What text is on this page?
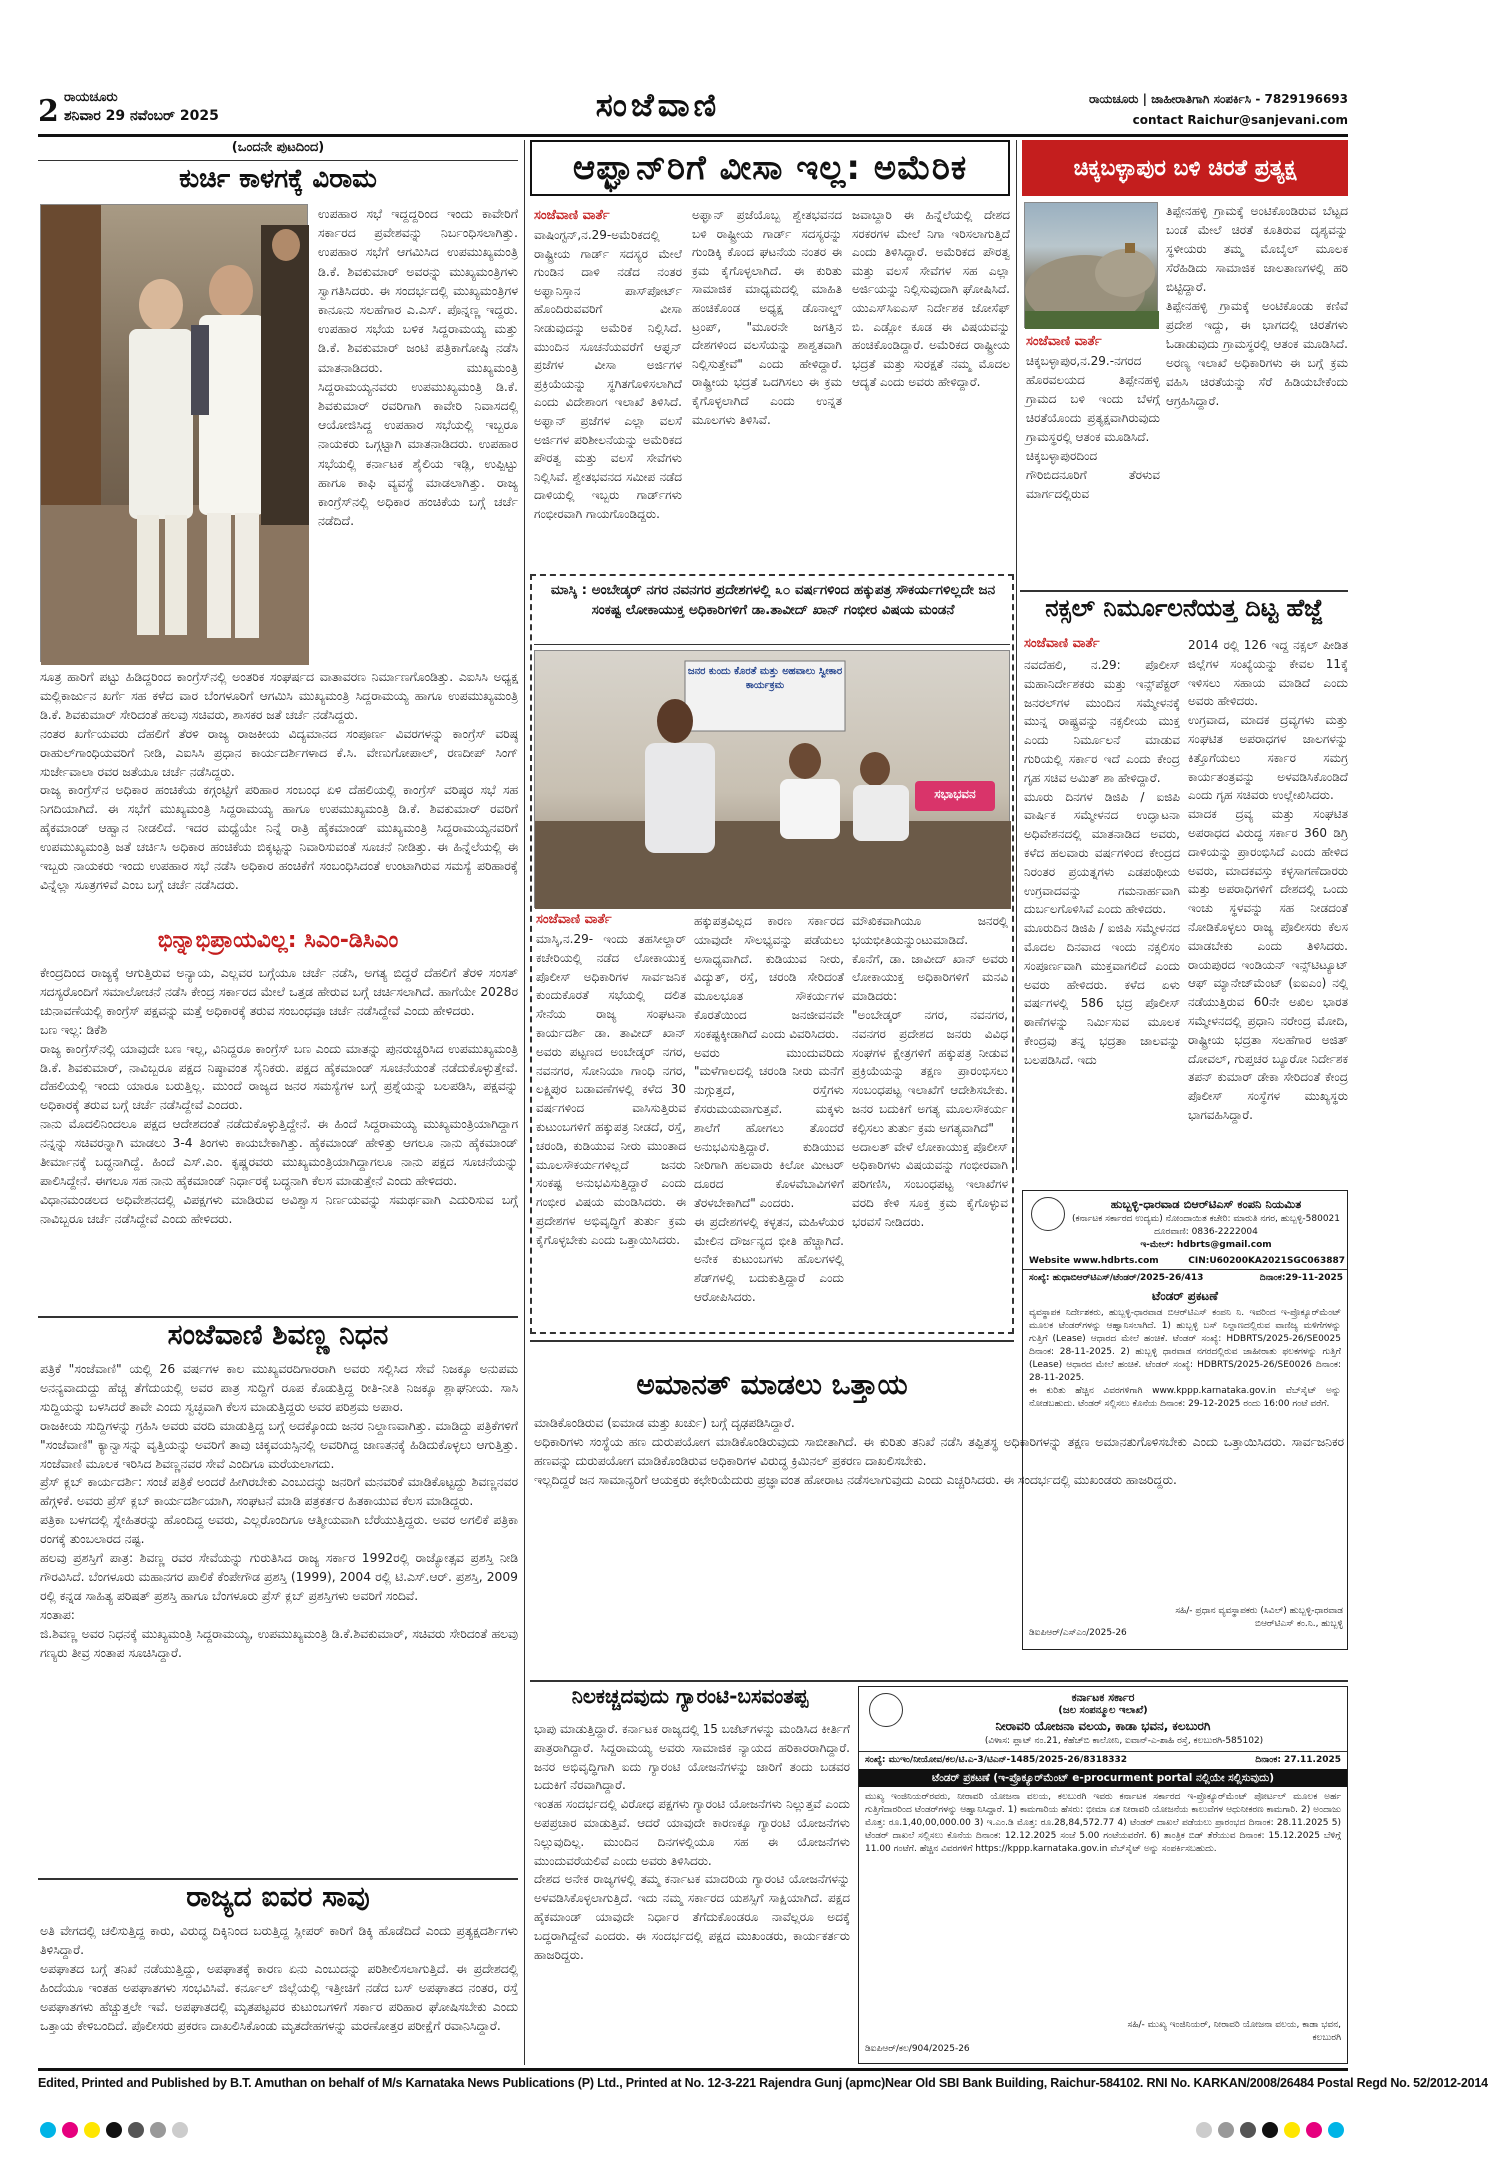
2 ರಾಯಚೂರು
ಶನಿವಾರ 29 ನವೆಂಬರ್ 2025	ಸಂಜೆವಾಣಿ	ರಾಯಚೂರು | ಜಾಹೀರಾತಿಗಾಗಿ ಸಂಪರ್ಕಿಸಿ - 7829196693
contact Raichur@sanjevani.com
(ಒಂದನೇ ಪುಟದಿಂದ)
ಕುರ್ಚಿ ಕಾಳಗಕ್ಕೆ ವಿರಾಮ
ಉಪಹಾರ ಸಭೆ ಇದ್ದದ್ದರಿಂದ ಇಂದು ಕಾವೇರಿಗೆ ಸರ್ಕಾರದ ಪ್ರವೇಶವನ್ನು ನಿರ್ಬಂಧಿಸಲಾಗಿತ್ತು. ಉಪಹಾರ ಸಭೆಗೆ ಆಗಮಿಸಿದ ಉಪಮುಖ್ಯಮಂತ್ರಿ ಡಿ.ಕೆ. ಶಿವಕುಮಾರ್ ಅವರನ್ನು ಮುಖ್ಯಮಂತ್ರಿಗಳು ಸ್ವಾಗತಿಸಿದರು. ಈ ಸಂದರ್ಭದಲ್ಲಿ ಮುಖ್ಯಮಂತ್ರಿಗಳ ಕಾನೂನು ಸಲಹೆಗಾರ ಎ.ಎಸ್. ಪೊನ್ನಣ್ಣ ಇದ್ದರು. ಉಪಹಾರ ಸಭೆಯ ಬಳಿಕ ಸಿದ್ದರಾಮಯ್ಯ ಮತ್ತು ಡಿ.ಕೆ. ಶಿವಕುಮಾರ್ ಜಂಟಿ ಪತ್ರಿಕಾಗೋಷ್ಠಿ ನಡೆಸಿ ಮಾತನಾಡಿದರು. ಮುಖ್ಯಮಂತ್ರಿ ಸಿದ್ದರಾಮಯ್ಯನವರು ಉಪಮುಖ್ಯಮಂತ್ರಿ ಡಿ.ಕೆ. ಶಿವಕುಮಾರ್ ರವರಿಗಾಗಿ ಕಾವೇರಿ ನಿವಾಸದಲ್ಲಿ ಆಯೋಜಿಸಿದ್ದ ಉಪಹಾರ ಸಭೆಯಲ್ಲಿ ಇಬ್ಬರೂ ನಾಯಕರು ಒಗ್ಗಟ್ಟಾಗಿ ಮಾತನಾಡಿದರು. ಉಪಹಾರ ಸಭೆಯಲ್ಲಿ ಕರ್ನಾಟಕ ಶೈಲಿಯ ಇಡ್ಲಿ, ಉಪ್ಪಿಟ್ಟು ಹಾಗೂ ಕಾಫಿ ವ್ಯವಸ್ಥೆ ಮಾಡಲಾಗಿತ್ತು. ರಾಜ್ಯ ಕಾಂಗ್ರೆಸ್‌ನಲ್ಲಿ ಅಧಿಕಾರ ಹಂಚಿಕೆಯ ಬಗ್ಗೆ ಚರ್ಚೆ ನಡೆದಿದೆ.
ಸೂತ್ರ ಹಾರಿಗೆ ಪಟ್ಟು ಹಿಡಿದ್ದರಿಂದ ಕಾಂಗ್ರೆಸ್‌ನಲ್ಲಿ ಅಂತರಿಕ ಸಂಘರ್ಷದ ವಾತಾವರಣ ನಿರ್ಮಾಣಗೊಂಡಿತ್ತು. ಎಐಸಿಸಿ ಅಧ್ಯಕ್ಷ ಮಲ್ಲಿಕಾರ್ಜುನ ಖರ್ಗೆ ಸಹ ಕಳೆದ ವಾರ ಬೆಂಗಳೂರಿಗೆ ಆಗಮಿಸಿ ಮುಖ್ಯಮಂತ್ರಿ ಸಿದ್ದರಾಮಯ್ಯ ಹಾಗೂ ಉಪಮುಖ್ಯಮಂತ್ರಿ ಡಿ.ಕೆ. ಶಿವಕುಮಾರ್ ಸೇರಿದಂತೆ ಹಲವು ಸಚಿವರು, ಶಾಸಕರ ಜತೆ ಚರ್ಚೆ ನಡೆಸಿದ್ದರು.
ನಂತರ ಖರ್ಗೆಯವರು ದೆಹಲಿಗೆ ತೆರಳಿ ರಾಜ್ಯ ರಾಜಕೀಯ ವಿದ್ಯಮಾನದ ಸಂಪೂರ್ಣ ವಿವರಗಳನ್ನು ಕಾಂಗ್ರೆಸ್ ವರಿಷ್ಠ ರಾಹುಲ್‌ಗಾಂಧಿಯವರಿಗೆ ನೀಡಿ, ಎಐಸಿಸಿ ಪ್ರಧಾನ ಕಾರ್ಯದರ್ಶಿಗಳಾದ ಕೆ.ಸಿ. ವೇಣುಗೋಪಾಲ್, ರಣದೀಪ್ ಸಿಂಗ್ ಸುರ್ಜೇವಾಲಾ ರವರ ಜತೆಯೂ ಚರ್ಚೆ ನಡೆಸಿದ್ದರು.
ರಾಜ್ಯ ಕಾಂಗ್ರೆಸ್‌ನ ಅಧಿಕಾರ ಹಂಚಿಕೆಯ ಕಗ್ಗಂಟ್ಟಿಗೆ ಪರಿಹಾರ ಸಂಬಂಧ ಏಳಿ ದೆಹಲಿಯಲ್ಲಿ ಕಾಂಗ್ರೆಸ್ ವರಿಷ್ಠರ ಸಭೆ ಸಹ ನಿಗದಿಯಾಗಿದೆ. ಈ ಸಭೆಗೆ ಮುಖ್ಯಮಂತ್ರಿ ಸಿದ್ದರಾಮಯ್ಯ ಹಾಗೂ ಉಪಮುಖ್ಯಮಂತ್ರಿ ಡಿ.ಕೆ. ಶಿವಕುಮಾರ್ ರವರಿಗೆ ಹೈಕಮಾಂಡ್ ಆಹ್ವಾನ ನೀಡಲಿದೆ. ಇದರ ಮಧ್ಯೆಯೇ ನಿನ್ನೆ ರಾತ್ರಿ ಹೈಕಮಾಂಡ್ ಮುಖ್ಯಮಂತ್ರಿ ಸಿದ್ದರಾಮಯ್ಯನವರಿಗೆ ಉಪಮುಖ್ಯಮಂತ್ರಿ ಜತೆ ಚರ್ಚಿಸಿ ಅಧಿಕಾರ ಹಂಚಿಕೆಯ ಬಿಕ್ಕಟ್ಟನ್ನು ನಿವಾರಿಸುವಂತೆ ಸೂಚನೆ ನೀಡಿತ್ತು. ಈ ಹಿನ್ನೆಲೆಯಲ್ಲಿ ಈ ಇಬ್ಬರು ನಾಯಕರು ಇಂದು ಉಪಹಾರ ಸಭೆ ನಡೆಸಿ ಅಧಿಕಾರ ಹಂಚಿಕೆಗೆ ಸಂಬಂಧಿಸಿದಂತೆ ಉಂಟಾಗಿರುವ ಸಮಸ್ಯೆ ಪರಿಹಾರಕ್ಕೆ ವಿನ್ನೆಲ್ಲಾ ಸೂತ್ರಗಳಿವೆ ಎಂಬ ಬಗ್ಗೆ ಚರ್ಚೆ ನಡೆಸಿದರು.
ಭಿನ್ನಾಭಿಪ್ರಾಯವಿಲ್ಲ: ಸಿಎಂ-ಡಿಸಿಎಂ
ಕೇಂದ್ರದಿಂದ ರಾಜ್ಯಕ್ಕೆ ಆಗುತ್ತಿರುವ ಅನ್ಯಾಯ, ಎಲ್ಲವರ ಬಗ್ಗೆಯೂ ಚರ್ಚೆ ನಡೆಸಿ, ಅಗತ್ಯ ಬಿದ್ದರೆ ದೆಹಲಿಗೆ ತೆರಳಿ ಸಂಸತ್ ಸದಸ್ಯರೊಂದಿಗೆ ಸಮಾಲೋಚನೆ ನಡೆಸಿ ಕೇಂದ್ರ ಸರ್ಕಾರದ ಮೇಲೆ ಒತ್ತಡ ಹೇರುವ ಬಗ್ಗೆ ಚರ್ಚಿಸಲಾಗಿದೆ. ಹಾಗೆಯೇ 2028ರ ಚುನಾವಣೆಯಲ್ಲಿ ಕಾಂಗ್ರೆಸ್ ಪಕ್ಷವನ್ನು ಮತ್ತೆ ಅಧಿಕಾರಕ್ಕೆ ತರುವ ಸಂಬಂಧವೂ ಚರ್ಚೆ ನಡೆಸಿದ್ದೇವೆ ಎಂದು ಹೇಳಿದರು.
ಬಣ ಇಲ್ಲ: ಡಿಕೆಶಿ
ರಾಜ್ಯ ಕಾಂಗ್ರೆಸ್‌ನಲ್ಲಿ ಯಾವುದೇ ಬಣ ಇಲ್ಲ, ವಿನಿದ್ದರೂ ಕಾಂಗ್ರೆಸ್ ಬಣ ಎಂದು ಮಾತನ್ನು ಪುನರುಚ್ಚರಿಸಿದ ಉಪಮುಖ್ಯಮಂತ್ರಿ ಡಿ.ಕೆ. ಶಿವಕುಮಾರ್, ನಾವಿಬ್ಬರೂ ಪಕ್ಷದ ನಿಷ್ಠಾವಂತ ಸೈನಿಕರು. ಪಕ್ಷದ ಹೈಕಮಾಂಡ್ ಸೂಚನೆಯಂತೆ ನಡೆದುಕೊಳ್ಳುತ್ತೇವೆ. ದೆಹಲಿಯಲ್ಲಿ ಇಂದು ಯಾರೂ ಬರುತ್ತಿಲ್ಲ. ಮುಂದೆ ರಾಜ್ಯದ ಜನರ ಸಮಸ್ಯೆಗಳ ಬಗ್ಗೆ ಪ್ರಶ್ನೆಯನ್ನು ಬಲಪಡಿಸಿ, ಪಕ್ಷವನ್ನು ಅಧಿಕಾರಕ್ಕೆ ತರುವ ಬಗ್ಗೆ ಚರ್ಚೆ ನಡೆಸಿದ್ದೇವೆ ಎಂದರು.
ನಾನು ಮೊದಲಿನಿಂದಲೂ ಪಕ್ಷದ ಆದೇಶದಂತೆ ನಡೆದುಕೊಳ್ಳುತ್ತಿದ್ದೇನೆ. ಈ ಹಿಂದೆ ಸಿದ್ದರಾಮಯ್ಯ ಮುಖ್ಯಮಂತ್ರಿಯಾಗಿದ್ದಾಗ ನನ್ನನ್ನು ಸಚಿವರನ್ನಾಗಿ ಮಾಡಲು 3-4 ತಿಂಗಳು ಕಾಯಬೇಕಾಗಿತ್ತು. ಹೈಕಮಾಂಡ್ ಹೇಳಿತ್ತು ಆಗಲೂ ನಾನು ಹೈಕಮಾಂಡ್ ತೀರ್ಮಾನಕ್ಕೆ ಬದ್ಧನಾಗಿದ್ದೆ. ಹಿಂದೆ ಎಸ್.ಎಂ. ಕೃಷ್ಣರವರು ಮುಖ್ಯಮಂತ್ರಿಯಾಗಿದ್ದಾಗಲೂ ನಾನು ಪಕ್ಷದ ಸೂಚನೆಯನ್ನು ಪಾಲಿಸಿದ್ದೇನೆ. ಈಗಲೂ ಸಹ ನಾನು ಹೈಕಮಾಂಡ್ ನಿರ್ಧಾರಕ್ಕೆ ಬದ್ಧನಾಗಿ ಕೆಲಸ ಮಾಡುತ್ತೇನೆ ಎಂದು ಹೇಳಿದರು.
ವಿಧಾನಮಂಡಲದ ಅಧಿವೇಶನದಲ್ಲಿ ವಿಪಕ್ಷಗಳು ಮಾಡಿರುವ ಅವಿಶ್ವಾಸ ನಿರ್ಣಯವನ್ನು ಸಮರ್ಥವಾಗಿ ಎದುರಿಸುವ ಬಗ್ಗೆ ನಾವಿಬ್ಬರೂ ಚರ್ಚೆ ನಡೆಸಿದ್ದೇವೆ ಎಂದು ಹೇಳಿದರು.
ಸಂಜೆವಾಣಿ ಶಿವಣ್ಣ ನಿಧನ
ಪತ್ರಿಕೆ "ಸಂಜೆವಾಣಿ" ಯಲ್ಲಿ 26 ವರ್ಷಗಳ ಕಾಲ ಮುಖ್ಯವರದಿಗಾರರಾಗಿ ಅವರು ಸಲ್ಲಿಸಿದ ಸೇವೆ ನಿಜಕ್ಕೂ ಅನುಪಮ ಅನನ್ಯವಾದುದ್ದು ಹೆಚ್ಚ ತೆಗೆದುಯಲ್ಲಿ ಅವರ ಪಾತ್ರ ಸುದ್ದಿಗೆ ರೂಪ ಕೊಡುತ್ತಿದ್ದ ರೀತಿ-ನೀತಿ ನಿಜಕ್ಕೂ ಶ್ಲಾಘನೀಯ. ಸಾಸಿ ಸುದ್ದಿಯನ್ನು ಬಳಸಿದರೆ ತಾವೇ ಎಂದು ಸ್ವಚ್ಛವಾಗಿ ಕೆಲಸ ಮಾಡುತ್ತಿದ್ದರು ಅವರ ಪರಿಶ್ರಮ ಅಪಾರ.
ರಾಜಕೀಯ ಸುದ್ದಿಗಳನ್ನು ಗ್ರಹಿಸಿ ಅವರು ವರದಿ ಮಾಡುತ್ತಿದ್ದ ಬಗ್ಗೆ ಅದಕ್ಕೊಂದು ಜನರ ನಿಲ್ದಾಣವಾಗಿತ್ತು. ಮಾಡಿದ್ದು ಪತ್ರಿಕೆಗಳಿಗೆ "ಸಂಜೆವಾಣಿ" ಕ್ಯಾನ್ವಾಸನ್ನು ವೃತ್ತಿಯನ್ನು ಅವರಿಗೆ ತಾವು ಚಿಕ್ಕವಯಸ್ಸಿನಲ್ಲಿ ಅವರಿಗಿದ್ದ ಜಾಣತನಕ್ಕೆ ಹಿಡಿದುಕೊಳ್ಳಲು ಆಗುತ್ತಿತ್ತು. ಸಂಜೆವಾಣಿ ಮೂಲಕ ಇರಿಸಿದ ಶಿವಣ್ಣನವರ ಸೇವೆ ಎಂದಿಗೂ ಮರೆಯಲಾಗದು.
ಪ್ರೆಸ್ ಕ್ಲಬ್ ಕಾರ್ಯದರ್ಶಿ: ಸಂಜೆ ಪತ್ರಿಕೆ ಅಂದರೆ ಹೀಗಿರಬೇಕು ಎಂಬುದನ್ನು ಜನರಿಗೆ ಮನವರಿಕೆ ಮಾಡಿಕೊಟ್ಟದ್ದು ಶಿವಣ್ಣನವರ ಹೆಗ್ಗಳಿಕೆ. ಅವರು ಪ್ರೆಸ್ ಕ್ಲಬ್ ಕಾರ್ಯದರ್ಶಿಯಾಗಿ, ಸಂಘಟನೆ ಮಾಡಿ ಪತ್ರಕರ್ತರ ಹಿತಕಾಯುವ ಕೆಲಸ ಮಾಡಿದ್ದರು.
ಪತ್ರಿಕಾ ಬಳಗದಲ್ಲಿ ಸ್ನೇಹಿತರನ್ನು ಹೊಂದಿದ್ದ ಅವರು, ಎಲ್ಲರೊಂದಿಗೂ ಆತ್ಮೀಯವಾಗಿ ಬೆರೆಯುತ್ತಿದ್ದರು. ಅವರ ಅಗಲಿಕೆ ಪತ್ರಿಕಾ ರಂಗಕ್ಕೆ ತುಂಬಲಾರದ ನಷ್ಟ.
ಹಲವು ಪ್ರಶಸ್ತಿಗೆ ಪಾತ್ರ: ಶಿವಣ್ಣ ರವರ ಸೇವೆಯನ್ನು ಗುರುತಿಸಿದ ರಾಜ್ಯ ಸರ್ಕಾರ 1992ರಲ್ಲಿ ರಾಜ್ಯೋತ್ಸವ ಪ್ರಶಸ್ತಿ ನೀಡಿ ಗೌರವಿಸಿದೆ. ಬೆಂಗಳೂರು ಮಹಾನಗರ ಪಾಲಿಕೆ ಕೆಂಪೇಗೌಡ ಪ್ರಶಸ್ತಿ (1999), 2004 ರಲ್ಲಿ ಟಿ.ಎಸ್.ಆರ್. ಪ್ರಶಸ್ತಿ, 2009 ರಲ್ಲಿ ಕನ್ನಡ ಸಾಹಿತ್ಯ ಪರಿಷತ್ ಪ್ರಶಸ್ತಿ ಹಾಗೂ ಬೆಂಗಳೂರು ಪ್ರೆಸ್ ಕ್ಲಬ್ ಪ್ರಶಸ್ತಿಗಳು ಅವರಿಗೆ ಸಂದಿವೆ.
ಸಂತಾಪ:
ಜಿ.ಶಿವಣ್ಣ ಅವರ ನಿಧನಕ್ಕೆ ಮುಖ್ಯಮಂತ್ರಿ ಸಿದ್ದರಾಮಯ್ಯ, ಉಪಮುಖ್ಯಮಂತ್ರಿ ಡಿ.ಕೆ.ಶಿವಕುಮಾರ್, ಸಚಿವರು ಸೇರಿದಂತೆ ಹಲವು ಗಣ್ಯರು ತೀವ್ರ ಸಂತಾಪ ಸೂಚಿಸಿದ್ದಾರೆ.
ರಾಜ್ಯದ ಐವರ ಸಾವು
ಅತಿ ವೇಗದಲ್ಲಿ ಚಲಿಸುತ್ತಿದ್ದ ಕಾರು, ವಿರುದ್ಧ ದಿಕ್ಕಿನಿಂದ ಬರುತ್ತಿದ್ದ ಸ್ಲೀಪರ್ ಕಾರಿಗೆ ಡಿಕ್ಕಿ ಹೊಡೆದಿದೆ ಎಂದು ಪ್ರತ್ಯಕ್ಷದರ್ಶಿಗಳು ತಿಳಿಸಿದ್ದಾರೆ.
ಅಪಘಾತದ ಬಗ್ಗೆ ತನಿಖೆ ನಡೆಯುತ್ತಿದ್ದು, ಅಪಘಾತಕ್ಕೆ ಕಾರಣ ಏನು ಎಂಬುದನ್ನು ಪರಿಶೀಲಿಸಲಾಗುತ್ತಿದೆ. ಈ ಪ್ರದೇಶದಲ್ಲಿ ಹಿಂದೆಯೂ ಇಂತಹ ಅಪಘಾತಗಳು ಸಂಭವಿಸಿವೆ. ಕರ್ನೂಲ್ ಜಿಲ್ಲೆಯಲ್ಲಿ ಇತ್ತೀಚಿಗೆ ನಡೆದ ಬಸ್ ಅಪಘಾತದ ನಂತರ, ರಸ್ತೆ ಅಪಘಾತಗಳು ಹೆಚ್ಚುತ್ತಲೇ ಇವೆ. ಅಪಘಾತದಲ್ಲಿ ಮೃತಪಟ್ಟವರ ಕುಟುಂಬಗಳಿಗೆ ಸರ್ಕಾರ ಪರಿಹಾರ ಘೋಷಿಸಬೇಕು ಎಂದು ಒತ್ತಾಯ ಕೇಳಿಬಂದಿದೆ. ಪೊಲೀಸರು ಪ್ರಕರಣ ದಾಖಲಿಸಿಕೊಂಡು ಮೃತದೇಹಗಳನ್ನು ಮರಣೋತ್ತರ ಪರೀಕ್ಷೆಗೆ ರವಾನಿಸಿದ್ದಾರೆ.
ಆಫ್ಘಾನ್‌ರಿಗೆ ವೀಸಾ ಇಲ್ಲ: ಅಮೆರಿಕ
ಸಂಜೆವಾಣಿ ವಾರ್ತೆ
ವಾಷಿಂಗ್ಟನ್,ನ.29-ಅಮೆರಿಕದಲ್ಲಿ ರಾಷ್ಟ್ರೀಯ ಗಾರ್ಡ್ ಸದಸ್ಯರ ಮೇಲೆ ಗುಂಡಿನ ದಾಳಿ ನಡೆದ ನಂತರ ಅಫ್ಘಾನಿಸ್ತಾನ ಪಾಸ್‌ಪೋರ್ಟ್ ಹೊಂದಿರುವವರಿಗೆ ವೀಸಾ ನೀಡುವುದನ್ನು ಅಮೆರಿಕ ನಿಲ್ಲಿಸಿದೆ. ಮುಂದಿನ ಸೂಚನೆಯವರೆಗೆ ಆಫ್ಘನ್ ಪ್ರಜೆಗಳ ವೀಸಾ ಅರ್ಜಿಗಳ ಪ್ರಕ್ರಿಯೆಯನ್ನು ಸ್ಥಗಿತಗೊಳಿಸಲಾಗಿದೆ ಎಂದು ವಿದೇಶಾಂಗ ಇಲಾಖೆ ತಿಳಿಸಿದೆ. ಅಫ್ಘಾನ್ ಪ್ರಜೆಗಳ ಎಲ್ಲಾ ವಲಸೆ ಅರ್ಜಿಗಳ ಪರಿಶೀಲನೆಯನ್ನು ಅಮೆರಿಕದ ಪೌರತ್ವ ಮತ್ತು ವಲಸೆ ಸೇವೆಗಳು ನಿಲ್ಲಿಸಿವೆ. ಶ್ವೇತಭವನದ ಸಮೀಪ ನಡೆದ ದಾಳಿಯಲ್ಲಿ ಇಬ್ಬರು ಗಾರ್ಡ್‌ಗಳು ಗಂಭೀರವಾಗಿ ಗಾಯಗೊಂಡಿದ್ದರು.
ಅಫ್ಘಾನ್ ಪ್ರಜೆಯೊಬ್ಬ ಶ್ವೇತಭವನದ ಬಳಿ ರಾಷ್ಟ್ರೀಯ ಗಾರ್ಡ್ ಸದಸ್ಯರನ್ನು ಗುಂಡಿಕ್ಕಿ ಕೊಂದ ಘಟನೆಯ ನಂತರ ಈ ಕ್ರಮ ಕೈಗೊಳ್ಳಲಾಗಿದೆ. ಈ ಕುರಿತು ಸಾಮಾಜಿಕ ಮಾಧ್ಯಮದಲ್ಲಿ ಮಾಹಿತಿ ಹಂಚಿಕೊಂಡ ಅಧ್ಯಕ್ಷ ಡೊನಾಲ್ಡ್ ಟ್ರಂಪ್, "ಮೂರನೇ ಜಗತ್ತಿನ ದೇಶಗಳಿಂದ ವಲಸೆಯನ್ನು ಶಾಶ್ವತವಾಗಿ ನಿಲ್ಲಿಸುತ್ತೇವೆ" ಎಂದು ಹೇಳಿದ್ದಾರೆ. ರಾಷ್ಟ್ರೀಯ ಭದ್ರತೆ ಒದಗಿಸಲು ಈ ಕ್ರಮ ಕೈಗೊಳ್ಳಲಾಗಿದೆ ಎಂದು ಉನ್ನತ ಮೂಲಗಳು ತಿಳಿಸಿವೆ.
ಜವಾಬ್ದಾರಿ ಈ ಹಿನ್ನೆಲೆಯಲ್ಲಿ ದೇಶದ ಸರಕರಗಳ ಮೇಲೆ ನಿಗಾ ಇರಿಸಲಾಗುತ್ತಿದೆ ಎಂದು ತಿಳಿಸಿದ್ದಾರೆ. ಅಮೆರಿಕದ ಪೌರತ್ವ ಮತ್ತು ವಲಸೆ ಸೇವೆಗಳ ಸಹ ಎಲ್ಲಾ ಅರ್ಜಿಯನ್ನು ನಿಲ್ಲಿಸುವುದಾಗಿ ಘೋಷಿಸಿದೆ. ಯುಎಸ್‌ಸಿಐಎಸ್ ನಿರ್ದೇಶಕ ಜೋಸೆಫ್ ಬಿ. ಎಡ್ಲೋ ಕೂಡ ಈ ವಿಷಯವನ್ನು ಹಂಚಿಕೊಂಡಿದ್ದಾರೆ. ಅಮೆರಿಕದ ರಾಷ್ಟ್ರೀಯ ಭದ್ರತೆ ಮತ್ತು ಸುರಕ್ಷತೆ ನಮ್ಮ ಮೊದಲ ಆದ್ಯತೆ ಎಂದು ಅವರು ಹೇಳಿದ್ದಾರೆ.
ಚಿಕ್ಕಬಳ್ಳಾಪುರ ಬಳಿ ಚಿರತೆ ಪ್ರತ್ಯಕ್ಷ
ತಿಪ್ಪೇನಹಳ್ಳಿ ಗ್ರಾಮಕ್ಕೆ ಅಂಟಿಕೊಂಡಿರುವ ಬೆಟ್ಟದ ಬಂಡೆ ಮೇಲೆ ಚಿರತೆ ಕೂತಿರುವ ದೃಶ್ಯವನ್ನು ಸ್ಥಳೀಯರು ತಮ್ಮ ಮೊಬೈಲ್ ಮೂಲಕ ಸೆರೆಹಿಡಿದು ಸಾಮಾಜಿಕ ಜಾಲತಾಣಗಳಲ್ಲಿ ಹರಿ ಬಿಟ್ಟಿದ್ದಾರೆ.
ತಿಪ್ಪೇನಹಳ್ಳಿ ಗ್ರಾಮಕ್ಕೆ ಅಂಟಿಕೊಂಡು ಕಣಿವೆ ಪ್ರದೇಶ ಇದ್ದು, ಈ ಭಾಗದಲ್ಲಿ ಚಿರತೆಗಳು ಓಡಾಡುವುದು ಗ್ರಾಮಸ್ಥರಲ್ಲಿ ಆತಂಕ ಮೂಡಿಸಿದೆ. ಅರಣ್ಯ ಇಲಾಖೆ ಅಧಿಕಾರಿಗಳು ಈ ಬಗ್ಗೆ ಕ್ರಮ ವಹಿಸಿ ಚಿರತೆಯನ್ನು ಸೆರೆ ಹಿಡಿಯಬೇಕೆಂದು ಆಗ್ರಹಿಸಿದ್ದಾರೆ.
ಸಂಜೆವಾಣಿ ವಾರ್ತೆ
ಚಿಕ್ಕಬಳ್ಳಾಪುರ,ನ.29.-ನಗರದ ಹೊರವಲಯದ ತಿಪ್ಪೇನಹಳ್ಳಿ ಗ್ರಾಮದ ಬಳಿ ಇಂದು ಬೆಳಗ್ಗೆ ಚಿರತೆಯೊಂದು ಪ್ರತ್ಯಕ್ಷವಾಗಿರುವುದು ಗ್ರಾಮಸ್ಥರಲ್ಲಿ ಆತಂಕ ಮೂಡಿಸಿದೆ.
ಚಿಕ್ಕಬಳ್ಳಾಪುರದಿಂದ ಗೌರಿಬಿದನೂರಿಗೆ ತೆರಳುವ ಮಾರ್ಗದಲ್ಲಿರುವ
ಮಾಸ್ಕಿ : ಅಂಬೇಡ್ಕರ್ ನಗರ ನವನಗರ ಪ್ರದೇಶಗಳಲ್ಲಿ ೩೦ ವರ್ಷಗಳಿಂದ ಹಕ್ಕುಪತ್ರ ಸೌಕರ್ಯಗಳಿಲ್ಲದೇ ಜನ ಸಂಕಷ್ಟ ಲೋಕಾಯುಕ್ತ ಅಧಿಕಾರಿಗಳಿಗೆ ಡಾ.ತಾವೀದ್ ಖಾನ್ ಗಂಭೀರ ವಿಷಯ ಮಂಡನೆ
ಜನರ ಕುಂದು ಕೊರತೆ ಮತ್ತು ಅಹವಾಲು ಸ್ವೀಕಾರ ಕಾರ್ಯಕ್ರಮ
ಸಭಾಭವನ
ಸಂಜೆವಾಣಿ ವಾರ್ತೆ
ಮಾಸ್ಕಿ,ನ.29- ಇಂದು ತಹಸೀಲ್ದಾರ್ ಕಚೇರಿಯಲ್ಲಿ ನಡೆದ ಲೋಕಾಯುಕ್ತ ಪೊಲೀಸ್ ಅಧಿಕಾರಿಗಳ ಸಾರ್ವಜನಿಕ ಕುಂದುಕೊರತೆ ಸಭೆಯಲ್ಲಿ ದಲಿತ ಸೇನೆಯ ರಾಜ್ಯ ಸಂಘಟನಾ ಕಾರ್ಯದರ್ಶಿ ಡಾ. ತಾವೀದ್ ಖಾನ್ ಅವರು ಪಟ್ಟಣದ ಅಂಬೇಡ್ಕರ್ ನಗರ, ನವನಗರ, ಸೋನಿಯಾ ಗಾಂಧಿ ನಗರ, ಲಕ್ಷ್ಮಿಪುರ ಬಡಾವಣೆಗಳಲ್ಲಿ ಕಳೆದ 30 ವರ್ಷಗಳಿಂದ ವಾಸಿಸುತ್ತಿರುವ ಕುಟುಂಬಗಳಿಗೆ ಹಕ್ಕುಪತ್ರ ನೀಡದೆ, ರಸ್ತೆ, ಚರಂಡಿ, ಕುಡಿಯುವ ನೀರು ಮುಂತಾದ ಮೂಲಸೌಕರ್ಯಗಳಿಲ್ಲದೆ ಜನರು ಸಂಕಷ್ಟ ಅನುಭವಿಸುತ್ತಿದ್ದಾರೆ ಎಂದು ಗಂಭೀರ ವಿಷಯ ಮಂಡಿಸಿದರು. ಈ ಪ್ರದೇಶಗಳ ಅಭಿವೃದ್ಧಿಗೆ ತುರ್ತು ಕ್ರಮ ಕೈಗೊಳ್ಳಬೇಕು ಎಂದು ಒತ್ತಾಯಿಸಿದರು.
ಹಕ್ಕುಪತ್ರವಿಲ್ಲದ ಕಾರಣ ಸರ್ಕಾರದ ಯಾವುದೇ ಸೌಲಭ್ಯವನ್ನು ಪಡೆಯಲು ಅಸಾಧ್ಯವಾಗಿದೆ. ಕುಡಿಯುವ ನೀರು, ವಿದ್ಯುತ್, ರಸ್ತೆ, ಚರಂಡಿ ಸೇರಿದಂತೆ ಮೂಲಭೂತ ಸೌಕರ್ಯಗಳ ಕೊರತೆಯಿಂದ ಜನಜೀವನವೇ ಸಂಕಷ್ಟಕ್ಕೀಡಾಗಿದೆ ಎಂದು ವಿವರಿಸಿದರು.
ಅವರು ಮುಂದುವರಿದು "ಮಳೆಗಾಲದಲ್ಲಿ ಚರಂಡಿ ನೀರು ಮನೆಗೆ ನುಗ್ಗುತ್ತದೆ, ರಸ್ತೆಗಳು ಕೆಸರುಮಯವಾಗುತ್ತವೆ. ಮಕ್ಕಳು ಶಾಲೆಗೆ ಹೋಗಲು ತೊಂದರೆ ಅನುಭವಿಸುತ್ತಿದ್ದಾರೆ. ಕುಡಿಯುವ ನೀರಿಗಾಗಿ ಹಲವಾರು ಕಿಲೋ ಮೀಟರ್ ದೂರದ ಕೊಳವೆಬಾವಿಗಳಿಗೆ ತೆರಳಬೇಕಾಗಿದೆ" ಎಂದರು.
ಈ ಪ್ರದೇಶಗಳಲ್ಲಿ ಕಳ್ಳತನ, ಮಹಿಳೆಯರ ಮೇಲಿನ ದೌರ್ಜನ್ಯದ ಭೀತಿ ಹೆಚ್ಚಾಗಿದೆ. ಅನೇಕ ಕುಟುಂಬಗಳು ಹೊಲಗಳಲ್ಲಿ ಶೆಡ್‌ಗಳಲ್ಲಿ ಬದುಕುತ್ತಿದ್ದಾರೆ ಎಂದು ಆರೋಪಿಸಿದರು.
ಮೌಖಿಕವಾಗಿಯೂ ಜನರಲ್ಲಿ ಭಯಭೀತಿಯನ್ನುಂಟುಮಾಡಿದೆ.
ಕೊನೆಗೆ, ಡಾ. ಜಾವೀದ್ ಖಾನ್ ಅವರು ಲೋಕಾಯುಕ್ತ ಅಧಿಕಾರಿಗಳಿಗೆ ಮನವಿ ಮಾಡಿದರು:
"ಅಂಬೇಡ್ಕರ್ ನಗರ, ನವನಗರ, ನವನಗರ ಪ್ರದೇಶದ ಜನರು ವಿವಿಧ ಸಂಘಗಳ ಕ್ಷೇತ್ರಗಳಿಗೆ ಹಕ್ಕುಪತ್ರ ನೀಡುವ ಪ್ರಕ್ರಿಯೆಯನ್ನು ತಕ್ಷಣ ಪ್ರಾರಂಭಿಸಲು ಸಂಬಂಧಪಟ್ಟ ಇಲಾಖೆಗೆ ಆದೇಶಿಸಬೇಕು. ಜನರ ಬದುಕಿಗೆ ಅಗತ್ಯ ಮೂಲಸೌಕರ್ಯ ಕಲ್ಪಿಸಲು ತುರ್ತು ಕ್ರಮ ಅಗತ್ಯವಾಗಿದೆ"
ಅದಾಲತ್ ವೇಳೆ ಲೋಕಾಯುಕ್ತ ಪೊಲೀಸ್ ಅಧಿಕಾರಿಗಳು ವಿಷಯವನ್ನು ಗಂಭೀರವಾಗಿ ಪರಿಗಣಿಸಿ, ಸಂಬಂಧಪಟ್ಟ ಇಲಾಖೆಗಳ ವರದಿ ಕೇಳಿ ಸೂಕ್ತ ಕ್ರಮ ಕೈಗೊಳ್ಳುವ ಭರವಸೆ ನೀಡಿದರು.
ನಕ್ಸಲ್ ನಿರ್ಮೂಲನೆಯತ್ತ ದಿಟ್ಟ ಹೆಜ್ಜೆ
ಸಂಜೆವಾಣಿ ವಾರ್ತೆ
ನವದೆಹಲಿ, ನ.29: ಪೊಲೀಸ್ ಮಹಾನಿರ್ದೇಶಕರು ಮತ್ತು ಇನ್ಸ್‌ಪೆಕ್ಟರ್ ಜನರಲ್‌ಗಳ ಮುಂದಿನ ಸಮ್ಮೇಳನಕ್ಕೆ ಮುನ್ನ ರಾಷ್ಟ್ರವನ್ನು ನಕ್ಸಲೀಯ ಮುಕ್ತ ಎಂದು ನಿರ್ಮೂಲನೆ ಮಾಡುವ ಗುರಿಯಲ್ಲಿ ಸರ್ಕಾರ ಇದೆ ಎಂದು ಕೇಂದ್ರ ಗೃಹ ಸಚಿವ ಅಮಿತ್ ಶಾ ಹೇಳಿದ್ದಾರೆ.
ಮೂರು ದಿನಗಳ ಡಿಜಿಪಿ / ಐಜಿಪಿ ವಾರ್ಷಿಕ ಸಮ್ಮೇಳನದ ಉದ್ಘಾಟನಾ ಅಧಿವೇಶನದಲ್ಲಿ ಮಾತನಾಡಿದ ಅವರು, ಕಳೆದ ಹಲವಾರು ವರ್ಷಗಳಿಂದ ಕೇಂದ್ರದ ನಿರಂತರ ಪ್ರಯತ್ನಗಳು ಎಡಪಂಥೀಯ ಉಗ್ರವಾದವನ್ನು ಗಮನಾರ್ಹವಾಗಿ ದುರ್ಬಲಗೊಳಿಸಿವೆ ಎಂದು ಹೇಳಿದರು.
ಮೂರುದಿನ ಡಿಜಿಪಿ / ಐಜಿಪಿ ಸಮ್ಮೇಳನದ ಮೊದಲ ದಿನವಾದ ಇಂದು ನಕ್ಸಲಿಸಂ ಸಂಪೂರ್ಣವಾಗಿ ಮುಕ್ತವಾಗಲಿದೆ ಎಂದು ಅವರು ಹೇಳಿದರು. ಕಳೆದ ಏಳು ವರ್ಷಗಳಲ್ಲಿ 586 ಭದ್ರ ಪೊಲೀಸ್ ಠಾಣೆಗಳನ್ನು ನಿರ್ಮಿಸುವ ಮೂಲಕ ಕೇಂದ್ರವು ತನ್ನ ಭದ್ರತಾ ಜಾಲವನ್ನು ಬಲಪಡಿಸಿದೆ. ಇದು
2014 ರಲ್ಲಿ 126 ಇದ್ದ ನಕ್ಸಲ್ ಪೀಡಿತ ಜಿಲ್ಲೆಗಳ ಸಂಖ್ಯೆಯನ್ನು ಕೇವಲ 11ಕ್ಕೆ ಇಳಿಸಲು ಸಹಾಯ ಮಾಡಿದೆ ಎಂದು ಅವರು ಹೇಳಿದರು.
ಉಗ್ರವಾದ, ಮಾದಕ ದ್ರವ್ಯಗಳು ಮತ್ತು ಸಂಘಟಿತ ಅಪರಾಧಗಳ ಜಾಲಗಳನ್ನು ಕಿತ್ತೊಗೆಯಲು ಸರ್ಕಾರ ಸಮಗ್ರ ಕಾರ್ಯತಂತ್ರವನ್ನು ಅಳವಡಿಸಿಕೊಂಡಿದೆ ಎಂದು ಗೃಹ ಸಚಿವರು ಉಲ್ಲೇಖಿಸಿದರು.
ಮಾದಕ ದ್ರವ್ಯ ಮತ್ತು ಸಂಘಟಿತ ಅಪರಾಧದ ವಿರುದ್ಧ ಸರ್ಕಾರ 360 ಡಿಗ್ರಿ ದಾಳಿಯನ್ನು ಪ್ರಾರಂಭಿಸಿದೆ ಎಂದು ಹೇಳಿದ ಅವರು, ಮಾದಕವಸ್ತು ಕಳ್ಳಸಾಗಣೆದಾರರು ಮತ್ತು ಅಪರಾಧಿಗಳಿಗೆ ದೇಶದಲ್ಲಿ ಒಂದು ಇಂಚು ಸ್ಥಳವನ್ನು ಸಹ ನೀಡದಂತೆ ನೋಡಿಕೊಳ್ಳಲು ರಾಜ್ಯ ಪೊಲೀಸರು ಕೆಲಸ ಮಾಡಬೇಕು ಎಂದು ತಿಳಿಸಿದರು. ರಾಯಪುರದ ಇಂಡಿಯನ್ ಇನ್ಸ್‌ಟಿಟ್ಯೂಟ್ ಆಫ್ ಮ್ಯಾನೇಜ್‌ಮೆಂಟ್ (ಐಐಎಂ) ನಲ್ಲಿ ನಡೆಯುತ್ತಿರುವ 60ನೇ ಅಖಿಲ ಭಾರತ ಸಮ್ಮೇಳನದಲ್ಲಿ ಪ್ರಧಾನಿ ನರೇಂದ್ರ ಮೋದಿ, ರಾಷ್ಟ್ರೀಯ ಭದ್ರತಾ ಸಲಹೆಗಾರ ಅಜಿತ್ ದೋವಲ್, ಗುಪ್ತಚರ ಬ್ಯೂರೋ ನಿರ್ದೇಶಕ ತಪನ್ ಕುಮಾರ್ ಡೇಕಾ ಸೇರಿದಂತೆ ಕೇಂದ್ರ ಪೊಲೀಸ್ ಸಂಸ್ಥೆಗಳ ಮುಖ್ಯಸ್ಥರು ಭಾಗವಹಿಸಿದ್ದಾರೆ.
ಹುಬ್ಬಳ್ಳಿ-ಧಾರವಾಡ ಬಿಆರ್‌ಟಿಎಸ್ ಕಂಪನಿ ನಿಯಮಿತ
(ಕರ್ನಾಟಕ ಸರ್ಕಾರದ ಉದ್ಯಮ) ನೋಂದಾಯಿತ ಕಚೇರಿ: ಮಾರುತಿ ನಗರ, ಹುಬ್ಬಳ್ಳಿ-580021 ದೂರವಾಣಿ: 0836-2222004
ಇ-ಮೇಲ್: hdbrts@gmail.com
Website www.hdbrts.com	CIN:U60200KA2021SGC063887
ಸಂಖ್ಯೆ: ಹುಧಾಬಿಆರ್‌ಟಿಎಸ್/ಟೆಂಡರ್/2025-26/413	ದಿನಾಂಕ:29-11-2025
ಟೆಂಡರ್ ಪ್ರಕಟಣೆ
ವ್ಯವಸ್ಥಾಪಕ ನಿರ್ದೇಶಕರು, ಹುಬ್ಬಳ್ಳಿ-ಧಾರವಾಡ ಬಿಆರ್‌ಟಿಎಸ್ ಕಂಪನಿ ನಿ. ಇವರಿಂದ ಇ-ಪ್ರೊಕ್ಯೂರ್‌ಮೆಂಟ್ ಮೂಲಕ ಟೆಂಡರ್‌ಗಳನ್ನು ಆಹ್ವಾನಿಸಲಾಗಿದೆ. 1) ಹುಬ್ಬಳ್ಳಿ ಬಸ್ ನಿಲ್ದಾಣದಲ್ಲಿರುವ ವಾಣಿಜ್ಯ ಮಳಿಗೆಗಳನ್ನು ಗುತ್ತಿಗೆ (Lease) ಆಧಾರದ ಮೇಲೆ ಹಂಚಿಕೆ. ಟೆಂಡರ್ ಸಂಖ್ಯೆ: HDBRTS/2025-26/SE0025 ದಿನಾಂಕ: 28-11-2025. 2) ಹುಬ್ಬಳ್ಳಿ ಧಾರವಾಡ ನಗರದಲ್ಲಿರುವ ಜಾಹೀರಾತು ಫಲಕಗಳನ್ನು ಗುತ್ತಿಗೆ (Lease) ಆಧಾರದ ಮೇಲೆ ಹಂಚಿಕೆ. ಟೆಂಡರ್ ಸಂಖ್ಯೆ: HDBRTS/2025-26/SE0026 ದಿನಾಂಕ: 28-11-2025.
ಈ ಕುರಿತು ಹೆಚ್ಚಿನ ವಿವರಗಳಿಗಾಗಿ www.kppp.karnataka.gov.in ವೆಬ್‌ಸೈಟ್ ಅನ್ನು ನೋಡಬಹುದು. ಟೆಂಡರ್ ಸಲ್ಲಿಸಲು ಕೊನೆಯ ದಿನಾಂಕ: 29-12-2025 ರಂದು 16:00 ಗಂಟೆ ವರೆಗೆ.
ಸಹಿ/- ಪ್ರಧಾನ ವ್ಯವಸ್ಥಾಪಕರು (ಸಿವಿಲ್) ಹುಬ್ಬಳ್ಳಿ-ಧಾರವಾಡ ಬಿಆರ್‌ಟಿಎಸ್ ಕಂ.ನಿ., ಹುಬ್ಬಳ್ಳಿ
ಡಿಐಪಿಆರ್/ಎಸ್‌ಎಂ/2025-26
ಅಮಾನತ್ ಮಾಡಲು ಒತ್ತಾಯ
ಮಾಡಿಕೊಂಡಿರುವ (ಐಮಾಡ ಮತ್ತು ಖರ್ಚು) ಬಗ್ಗೆ ದೃಢಪಡಿಸಿದ್ದಾರೆ.
ಅಧಿಕಾರಿಗಳು ಸಂಸ್ಥೆಯ ಹಣ ದುರುಪಯೋಗ ಮಾಡಿಕೊಂಡಿರುವುದು ಸಾಬೀತಾಗಿದೆ. ಈ ಕುರಿತು ತನಿಖೆ ನಡೆಸಿ ತಪ್ಪಿತಸ್ಥ ಅಧಿಕಾರಿಗಳನ್ನು ತಕ್ಷಣ ಅಮಾನತುಗೊಳಿಸಬೇಕು ಎಂದು ಒತ್ತಾಯಿಸಿದರು. ಸಾರ್ವಜನಿಕರ ಹಣವನ್ನು ದುರುಪಯೋಗ ಮಾಡಿಕೊಂಡಿರುವ ಅಧಿಕಾರಿಗಳ ವಿರುದ್ಧ ಕ್ರಿಮಿನಲ್ ಪ್ರಕರಣ ದಾಖಲಿಸಬೇಕು.
ಇಲ್ಲದಿದ್ದರೆ ಜನ ಸಾಮಾನ್ಯರಿಗೆ ಆಯಕ್ತರು ಕಛೇರಿಯೆದುರು ಪ್ರಜ್ಞಾವಂತ ಹೋರಾಟ ನಡೆಸಲಾಗುವುದು ಎಂದು ಎಚ್ಚರಿಸಿದರು. ಈ ಸಂದರ್ಭದಲ್ಲಿ ಮುಖಂಡರು ಹಾಜರಿದ್ದರು.
ನಿಲಕಚ್ಚದವುದು ಗ್ಯಾರಂಟಿ-ಬಸವಂತಪ್ಪ
ಭಾಪು ಮಾಡುತ್ತಿದ್ದಾರೆ. ಕರ್ನಾಟಕ ರಾಜ್ಯದಲ್ಲಿ 15 ಬಜೆಟ್‌ಗಳನ್ನು ಮಂಡಿಸಿದ ಕೀರ್ತಿಗೆ ಪಾತ್ರರಾಗಿದ್ದಾರೆ. ಸಿದ್ದರಾಮಯ್ಯ ಅವರು ಸಾಮಾಜಿಕ ನ್ಯಾಯದ ಹರಿಕಾರರಾಗಿದ್ದಾರೆ. ಜನರ ಅಭಿವೃದ್ಧಿಗಾಗಿ ಐದು ಗ್ಯಾರಂಟಿ ಯೋಜನೆಗಳನ್ನು ಜಾರಿಗೆ ತಂದು ಬಡವರ ಬದುಕಿಗೆ ನೆರವಾಗಿದ್ದಾರೆ.
ಇಂತಹ ಸಂದರ್ಭದಲ್ಲಿ ವಿರೋಧ ಪಕ್ಷಗಳು ಗ್ಯಾರಂಟಿ ಯೋಜನೆಗಳು ನಿಲ್ಲುತ್ತವೆ ಎಂದು ಅಪಪ್ರಚಾರ ಮಾಡುತ್ತಿವೆ. ಆದರೆ ಯಾವುದೇ ಕಾರಣಕ್ಕೂ ಗ್ಯಾರಂಟಿ ಯೋಜನೆಗಳು ನಿಲ್ಲುವುದಿಲ್ಲ. ಮುಂದಿನ ದಿನಗಳಲ್ಲಿಯೂ ಸಹ ಈ ಯೋಜನೆಗಳು ಮುಂದುವರೆಯಲಿವೆ ಎಂದು ಅವರು ತಿಳಿಸಿದರು.
ದೇಶದ ಅನೇಕ ರಾಜ್ಯಗಳಲ್ಲಿ ತಮ್ಮ ಕರ್ನಾಟಕ ಮಾದರಿಯ ಗ್ಯಾರಂಟಿ ಯೋಜನೆಗಳನ್ನು ಅಳವಡಿಸಿಕೊಳ್ಳಲಾಗುತ್ತಿದೆ. ಇದು ನಮ್ಮ ಸರ್ಕಾರದ ಯಶಸ್ಸಿಗೆ ಸಾಕ್ಷಿಯಾಗಿದೆ. ಪಕ್ಷದ ಹೈಕಮಾಂಡ್ ಯಾವುದೇ ನಿರ್ಧಾರ ತೆಗೆದುಕೊಂಡರೂ ನಾವೆಲ್ಲರೂ ಅದಕ್ಕೆ ಬದ್ಧರಾಗಿದ್ದೇವೆ ಎಂದರು. ಈ ಸಂದರ್ಭದಲ್ಲಿ ಪಕ್ಷದ ಮುಖಂಡರು, ಕಾರ್ಯಕರ್ತರು ಹಾಜರಿದ್ದರು.
ಕರ್ನಾಟಕ ಸರ್ಕಾರ
(ಜಲ ಸಂಪನ್ಮೂಲ ಇಲಾಖೆ)
ನೀರಾವರಿ ಯೋಜನಾ ವಲಯ, ಕಾಡಾ ಭವನ, ಕಲಬುರಗಿ
(ವಿಳಾಸ: ಪ್ಲಾಟ್ ನಂ.21, ಕೆಹೆಚ್‌ಬಿ ಕಾಲೋನಿ, ಐವಾನ್-ಎ-ಶಾಹಿ ರಸ್ತೆ, ಕಲಬುರಗಿ-585102)
ಸಂಖ್ಯೆ: ಮುಇಂ/ನೀಯೋವ/ಕಲ/ಟಿ.ಎ-3/ಟಿಎನ್-1485/2025-26/8318332	ದಿನಾಂಕ: 27.11.2025
ಟೆಂಡರ್ ಪ್ರಕಟಣೆ (ಇ-ಪ್ರೊಕ್ಯೂರ್‌ಮೆಂಟ್ e-procurment portal ನಲ್ಲಿಯೇ ಸಲ್ಲಿಸುವುದು)
ಮುಖ್ಯ ಇಂಜಿನಿಯರ್‌ರವರು, ನೀರಾವರಿ ಯೋಜನಾ ವಲಯ, ಕಲಬುರಗಿ ಇವರು ಕರ್ನಾಟಕ ಸರ್ಕಾರದ ಇ-ಪ್ರೊಕ್ಯೂರ್‌ಮೆಂಟ್ ಪೋರ್ಟಲ್ ಮೂಲಕ ಅರ್ಹ ಗುತ್ತಿಗೆದಾರರಿಂದ ಟೆಂಡರ್‌ಗಳನ್ನು ಆಹ್ವಾನಿಸಿದ್ದಾರೆ. 1) ಕಾಮಗಾರಿಯ ಹೆಸರು: ಭೀಮಾ ಏತ ನೀರಾವರಿ ಯೋಜನೆಯ ಕಾಲುವೆಗಳ ಆಧುನೀಕರಣ ಕಾಮಗಾರಿ. 2) ಅಂದಾಜು ಮೊತ್ತ: ರೂ.1,40,00,000.00 3) ಇ.ಎಂ.ಡಿ ಮೊತ್ತ: ರೂ.28,84,572.77 4) ಟೆಂಡರ್ ದಾಖಲೆ ಪಡೆಯಲು ಪ್ರಾರಂಭದ ದಿನಾಂಕ: 28.11.2025 5) ಟೆಂಡರ್ ದಾಖಲೆ ಸಲ್ಲಿಸಲು ಕೊನೆಯ ದಿನಾಂಕ: 12.12.2025 ಸಂಜೆ 5.00 ಗಂಟೆಯವರೆಗೆ. 6) ತಾಂತ್ರಿಕ ಬಿಡ್ ತೆರೆಯುವ ದಿನಾಂಕ: 15.12.2025 ಬೆಳಿಗ್ಗೆ 11.00 ಗಂಟೆಗೆ. ಹೆಚ್ಚಿನ ವಿವರಗಳಿಗೆ https://kppp.karnataka.gov.in ವೆಬ್‌ಸೈಟ್ ಅನ್ನು ಸಂಪರ್ಕಿಸಬಹುದು.
ಸಹಿ/- ಮುಖ್ಯ ಇಂಜಿನಿಯರ್, ನೀರಾವರಿ ಯೋಜನಾ ವಲಯ, ಕಾಡಾ ಭವನ, ಕಲಬುರಗಿ
ಡಿಐಪಿಆರ್/ಕಲ/904/2025-26
Edited, Printed and Published by B.T. Amuthan on behalf of M/s Karnataka News Publications (P) Ltd., Printed at No. 12-3-221 Rajendra Gunj (apmc)Near Old SBI Bank Building, Raichur-584102. RNI No. KARKAN/2008/26484 Postal Regd No. 52/2012-2014
